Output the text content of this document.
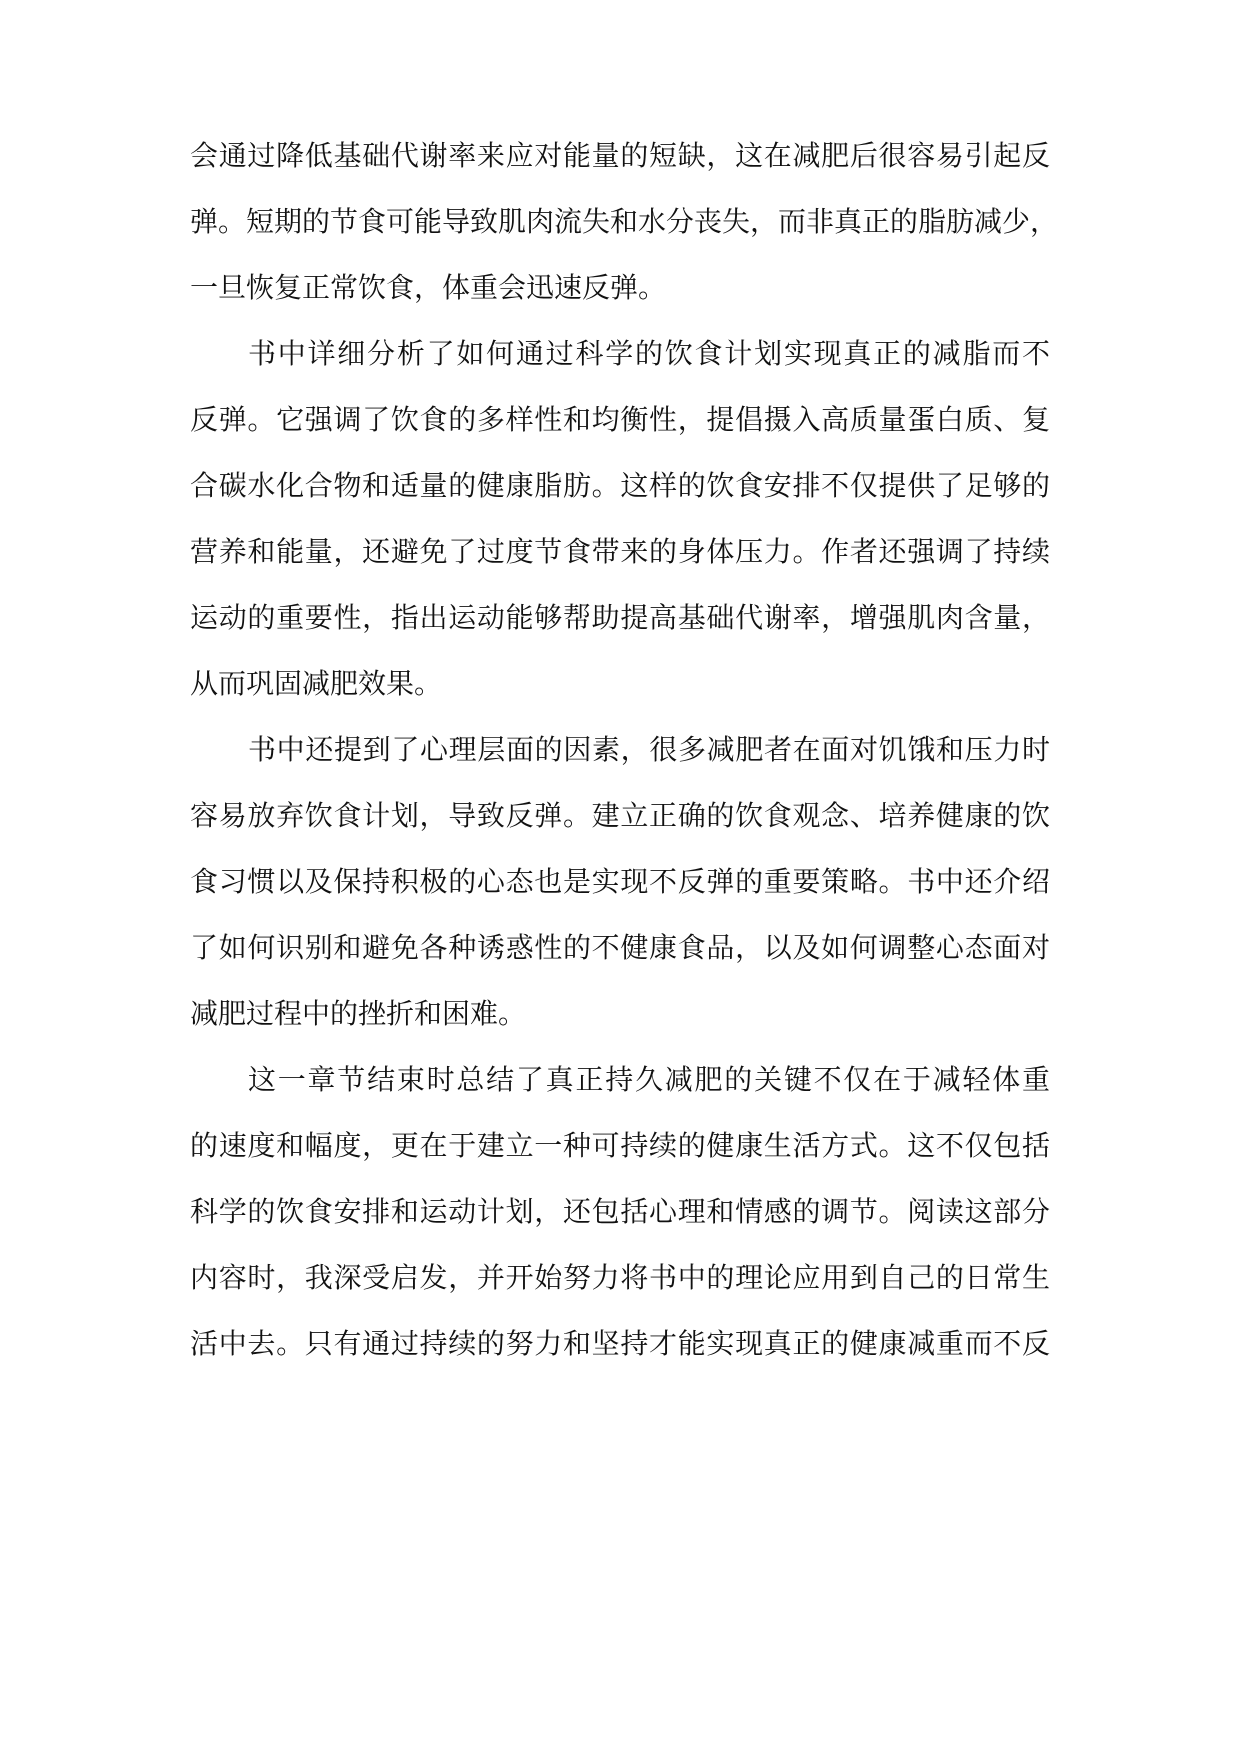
会通过降低基础代谢率来应对能量的短缺，这在减肥后很容易引起反
弹。短期的节食可能导致肌肉流失和水分丧失，而非真正的脂肪减少，
一旦恢复正常饮食，体重会迅速反弹。
书中详细分析了如何通过科学的饮食计划实现真正的减脂而不
反弹。它强调了饮食的多样性和均衡性，提倡摄入高质量蛋白质、复
合碳水化合物和适量的健康脂肪。这样的饮食安排不仅提供了足够的
营养和能量，还避免了过度节食带来的身体压力。作者还强调了持续
运动的重要性，指出运动能够帮助提高基础代谢率，增强肌肉含量，
从而巩固减肥效果。
书中还提到了心理层面的因素，很多减肥者在面对饥饿和压力时
容易放弃饮食计划，导致反弹。建立正确的饮食观念、培养健康的饮
食习惯以及保持积极的心态也是实现不反弹的重要策略。书中还介绍
了如何识别和避免各种诱惑性的不健康食品，以及如何调整心态面对
减肥过程中的挫折和困难。
这一章节结束时总结了真正持久减肥的关键不仅在于减轻体重
的速度和幅度，更在于建立一种可持续的健康生活方式。这不仅包括
科学的饮食安排和运动计划，还包括心理和情感的调节。阅读这部分
内容时，我深受启发，并开始努力将书中的理论应用到自己的日常生
活中去。只有通过持续的努力和坚持才能实现真正的健康减重而不反
